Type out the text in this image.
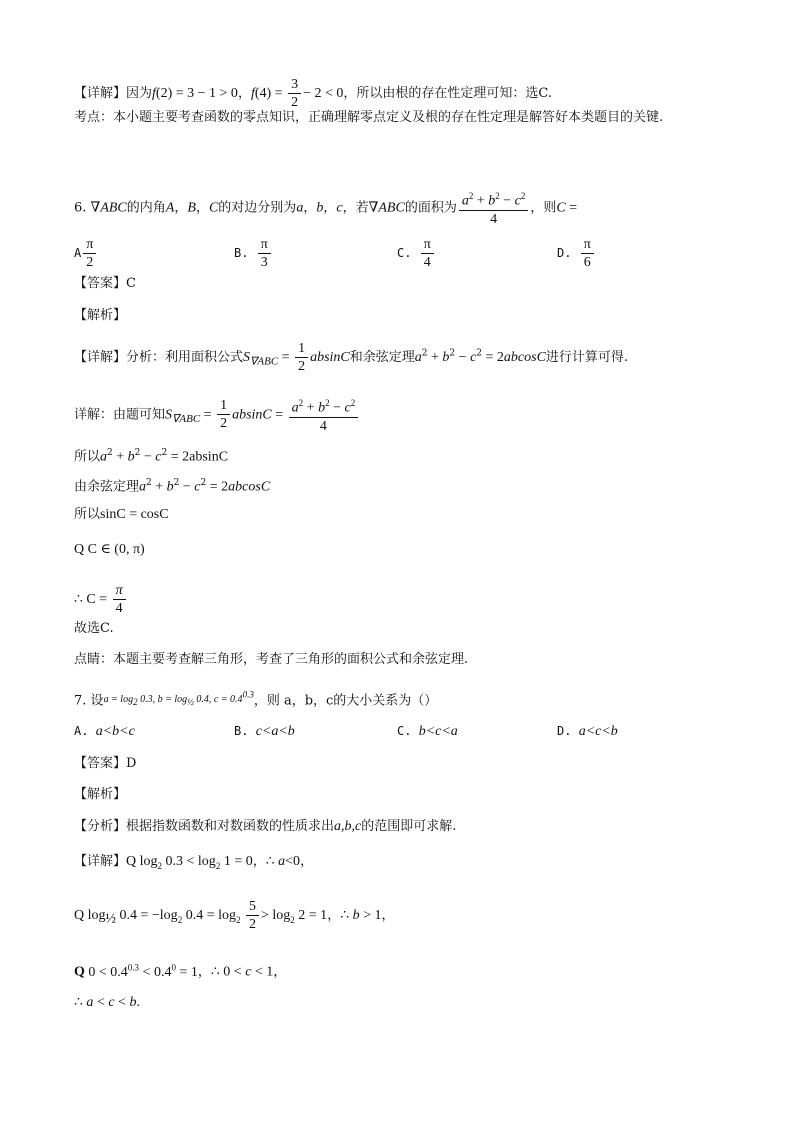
【详解】因为f(2) = 3 − 1 > 0，$f(4) = \frac{3}{2} - 2 < 0$，所以由根的存在性定理可知：选C.
考点：本小题主要考查函数的零点知识，正确理解零点定义及根的存在性定理是解答好本类题目的关键.
6. ∇ABC的内角A，B，C的对边分别为a，b，c，若∇ABC的面积为 $\frac{a^2 + b^2 - c^2}{4}$ ，则C =
A $\frac{\pi}{2}$	B. $\frac{\pi}{3}$	C. $\frac{\pi}{4}$	D. $\frac{\pi}{6}$
【答案】C
【解析】
【详解】分析：利用面积公式$S_{\nabla ABC} = \frac{1}{2}$ absinC和余弦定理$a^2 + b^2 - c^2 = 2abcosC$进行计算可得.
详解：由题可知$S_{\nabla ABC} = \frac{1}{2}$ $absinC = \frac{a^2 + b^2 - c^2}{4}$
所以$a^2 + b^2 - c^2 = 2absinC$
由余弦定理$a^2 + b^2 - c^2 = 2abcosC$
所以sinC = cosC
Q C ∈ (0, π)
∴ $C = \frac{\pi}{4}$
故选C.
点睛：本题主要考查解三角形，考查了三角形的面积公式和余弦定理.
7. 设$a = \log_2 0.3$, $b = \log_{\frac{1}{2}} 0.4$, $c = 0.4^{0.3}$，则 a，b，c的大小关系为（）
A. a<b<c	B. c<a<b	C. b<c<a	D. a<c<b
【答案】D
【解析】
【分析】根据指数函数和对数函数的性质求出a,b,c的范围即可求解.
【详解】Q $\log_2 0.3 < \log_2 1 = 0$，∴ a<0，
Q $\log_{\frac{1}{2}} 0.4 = -\log_2$ $0.4 = \log_2 \frac{5}{2} > \log_2 2 = 1$，∴ b > 1，
Q $0 < 0.4^{0.3} < 0.4^0 = 1$，∴ 0 < c < 1，
∴ a < c < b.
